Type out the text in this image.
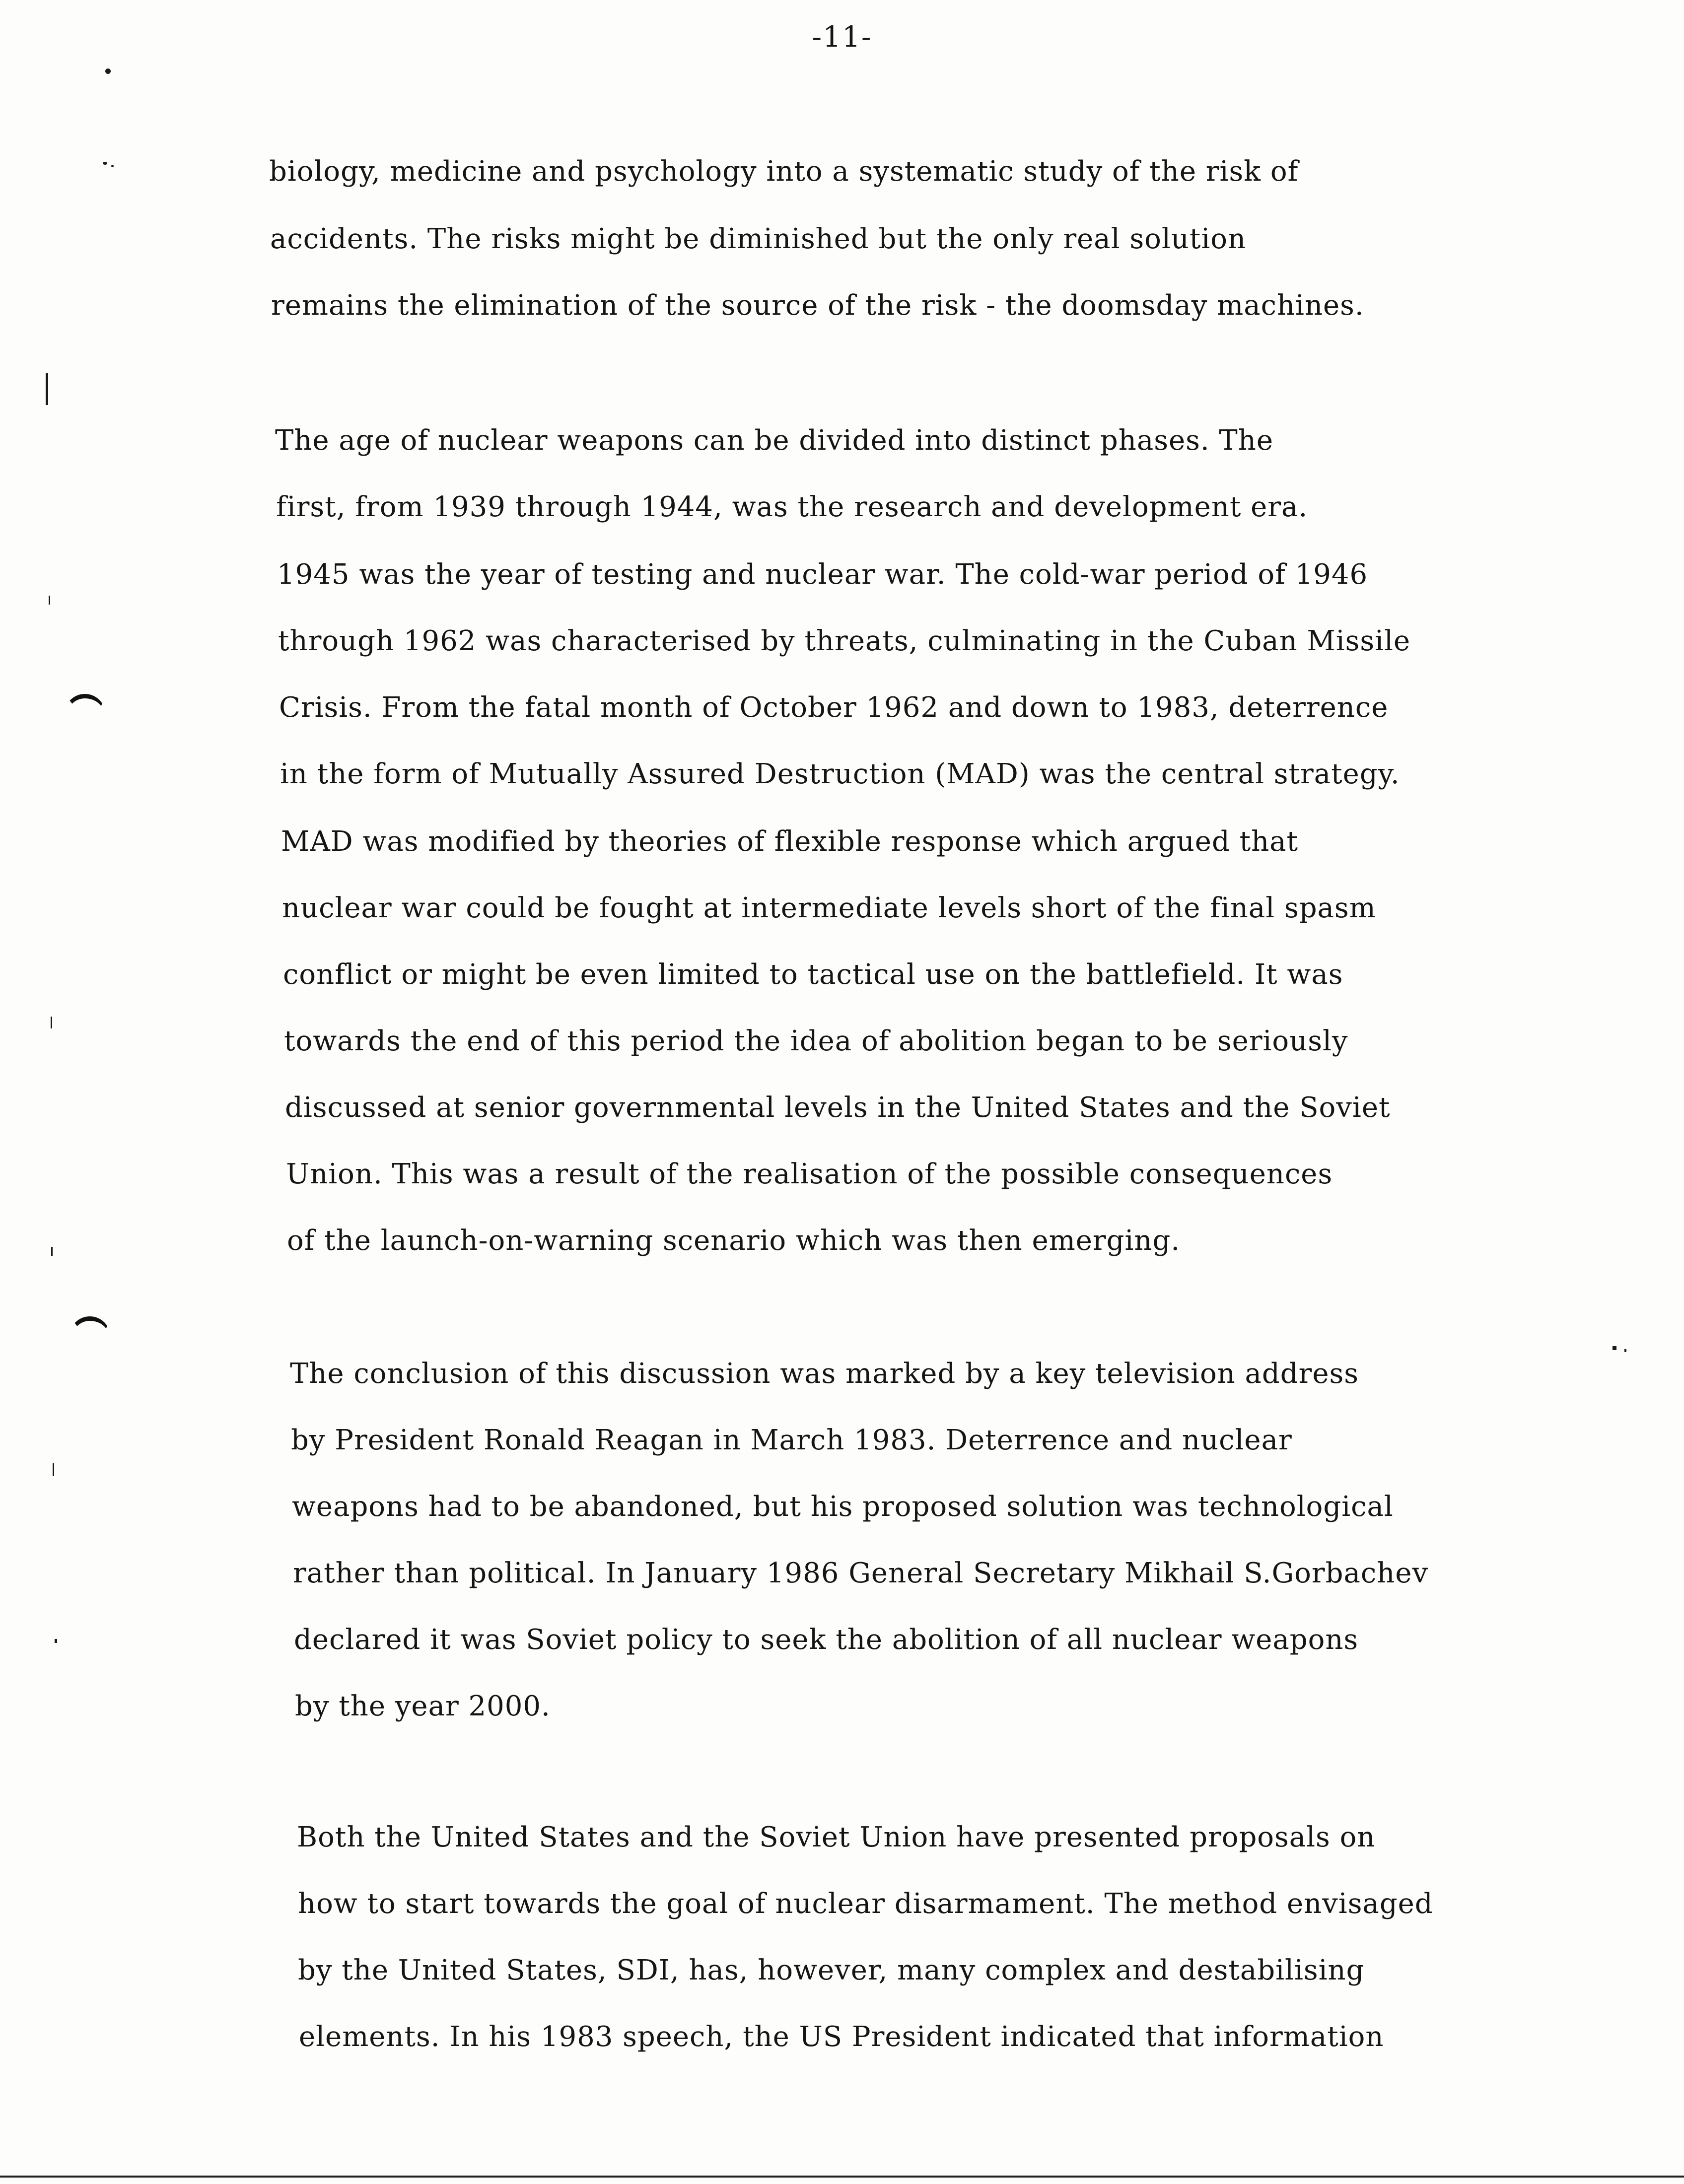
-11-
biology, medicine and psychology into a systematic study of the risk of
accidents. The risks might be diminished but the only real solution
remains the elimination of the source of the risk - the doomsday machines.
The age of nuclear weapons can be divided into distinct phases. The
first, from 1939 through 1944, was the research and development era.
1945 was the year of testing and nuclear war. The cold-war period of 1946
through 1962 was characterised by threats, culminating in the Cuban Missile
Crisis. From the fatal month of October 1962 and down to 1983, deterrence
in the form of Mutually Assured Destruction (MAD) was the central strategy.
MAD was modified by theories of flexible response which argued that
nuclear war could be fought at intermediate levels short of the final spasm
conflict or might be even limited to tactical use on the battlefield. It was
towards the end of this period the idea of abolition began to be seriously
discussed at senior governmental levels in the United States and the Soviet
Union. This was a result of the realisation of the possible consequences
of the launch-on-warning scenario which was then emerging.
The conclusion of this discussion was marked by a key television address
by President Ronald Reagan in March 1983. Deterrence and nuclear
weapons had to be abandoned, but his proposed solution was technological
rather than political. In January 1986 General Secretary Mikhail S.Gorbachev
declared it was Soviet policy to seek the abolition of all nuclear weapons
by the year 2000.
Both the United States and the Soviet Union have presented proposals on
how to start towards the goal of nuclear disarmament. The method envisaged
by the United States, SDI, has, however, many complex and destabilising
elements. In his 1983 speech, the US President indicated that information
